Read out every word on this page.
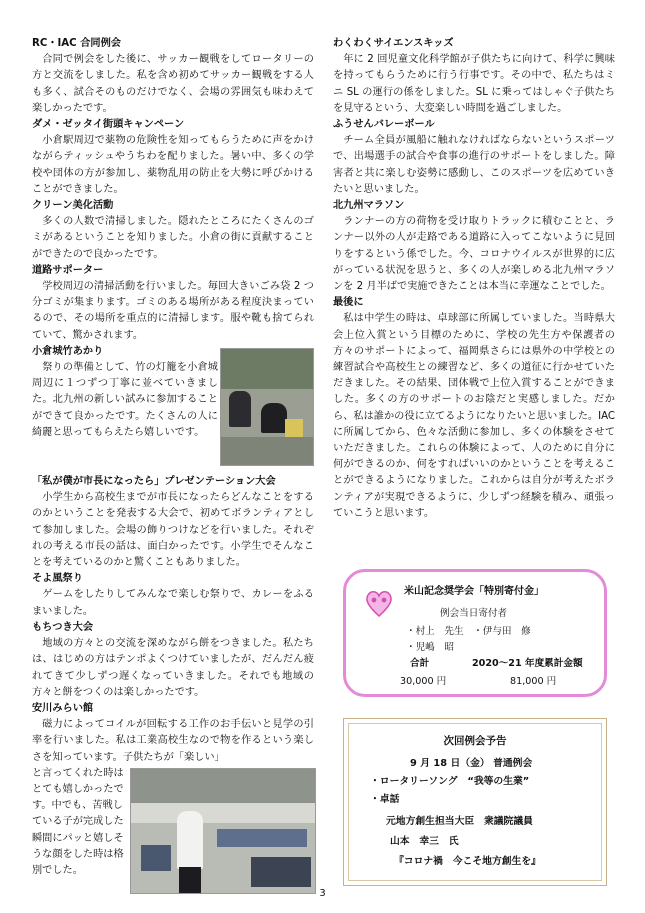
RC・IAC 合同例会
合同で例会をした後に、サッカー観戦をしてロータリーの方と交流をしました。私を含め初めてサッカー観戦をする人も多く、試合そのものだけでなく、会場の雰囲気も味わえて楽しかったです。
ダメ・ゼッタイ街頭キャンペーン
小倉駅周辺で薬物の危険性を知ってもらうために声をかけながらティッシュやうちわを配りました。暑い中、多くの学校や団体の方が参加し、薬物乱用の防止を大勢に呼びかけることができました。
クリーン美化活動
多くの人数で清掃しました。隠れたところにたくさんのゴミがあるということを知りました。小倉の街に貢献することができたので良かったです。
道路サポーター
学校周辺の清掃活動を行いました。毎回大きいごみ袋 2 つ分ゴミが集まります。ゴミのある場所がある程度決まっているので、その場所を重点的に清掃します。服や靴も捨てられていて、驚かされます。
小倉城竹あかり
祭りの準備として、竹の灯籠を小倉城周辺に１つずつ丁寧に並べていきました。北九州の新しい試みに参加することができて良かったです。たくさんの人に綺麗と思ってもらえたら嬉しいです。
「私が僕が市長になったら」プレゼンテーション大会
小学生から高校生までが市長になったらどんなことをするのかということを発表する大会で、初めてボランティアとして参加しました。会場の飾りつけなどを行いました。それぞれの考える市長の話は、面白かったです。小学生でそんなことを考えているのかと驚くこともありました。
そよ風祭り
ゲームをしたりしてみんなで楽しむ祭りで、カレーをふるまいました。
もちつき大会
地域の方々との交流を深めながら餅をつきました。私たちは、はじめの方はテンポよくつけていましたが、だんだん疲れてきて少しずつ遅くなっていきました。それでも地域の方々と餅をつくのは楽しかったです。
安川みらい館
磁力によってコイルが回転する工作のお手伝いと見学の引率を行いました。私は工業高校生なので物を作るという楽しさを知っています。子供たちが「楽しい」
と言ってくれた時はとても嬉しかったです。中でも、苦戦している子が完成した瞬間にパッと嬉しそうな顔をした時は格別でした。
わくわくサイエンスキッズ
年に 2 回児童文化科学館が子供たちに向けて、科学に興味を持ってもらうために行う行事です。その中で、私たちはミニ SL の運行の係をしました。SL に乗ってはしゃぐ子供たちを見守るという、大変楽しい時間を過ごしました。
ふうせんバレーボール
チーム全員が風船に触れなければならないというスポーツで、出場選手の試合や食事の進行のサポートをしました。障害者と共に楽しむ姿勢に感動し、このスポーツを広めていきたいと思いました。
北九州マラソン
ランナーの方の荷物を受け取りトラックに積むことと、ランナー以外の人が走路である道路に入ってこないように見回りをするという係でした。今、コロナウイルスが世界的に広がっている状況を思うと、多くの人が楽しめる北九州マラソンを 2 月半ばで実施できたことは本当に幸運なことでした。
最後に
私は中学生の時は、卓球部に所属していました。当時県大会上位入賞という目標のために、学校の先生方や保護者の方々のサポートによって、福岡県さらには県外の中学校との練習試合や高校生との練習など、多くの道征に行かせていただきました。その結果、団体戦で上位入賞することができました。多くの方のサポートのお陰だと実感しました。だから、私は誰かの役に立てるようになりたいと思いました。IAC に所属してから、色々な活動に参加し、多くの体験をさせていただきました。これらの体験によって、人のために自分に何ができるのか、何をすればいいのかということを考えることができるようになりました。これからは自分が考えたボランティアが実現できるように、少しずつ経験を積み、頑張っていこうと思います。
米山記念奨学会「特別寄付金」
例会当日寄付者
・村上　先生　・伊与田　修
・児嶋　昭
合計	2020～21 年度累計金額
30,000 円	81,000 円
次回例会予告
9 月 18 日（金） 普通例会
・ロータリーソング　“我等の生業”
・卓話
元地方創生担当大臣　衆議院議員
山本　幸三　氏
『コロナ禍　今こそ地方創生を』
3
